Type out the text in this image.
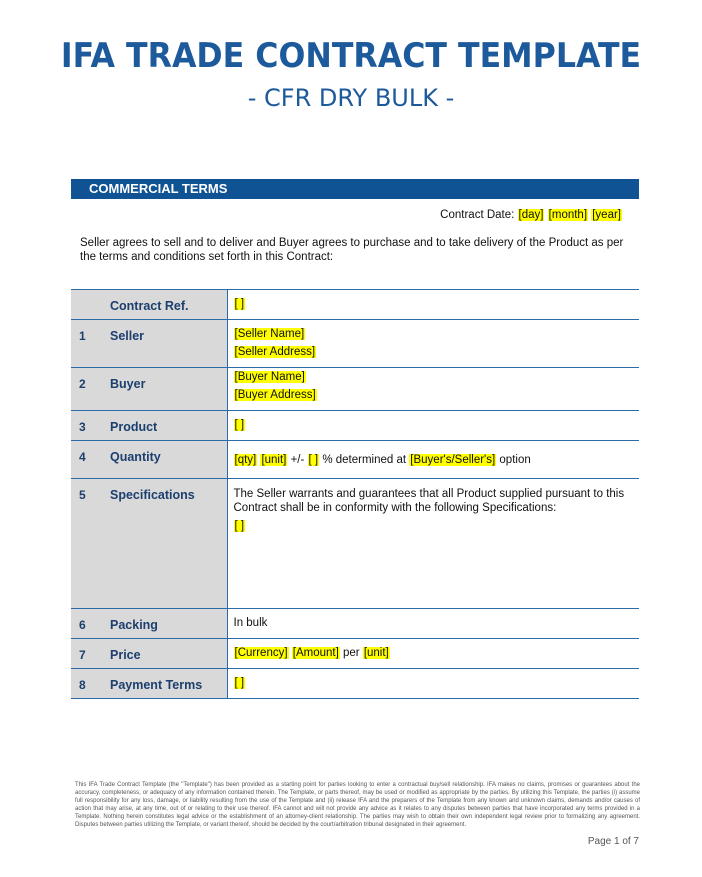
IFA TRADE CONTRACT TEMPLATE
- CFR DRY BULK -
COMMERCIAL TERMS
Contract Date: [day] [month] [year]
Seller agrees to sell and to deliver and Buyer agrees to purchase and to take delivery of the Product as per the terms and conditions set forth in this Contract:
	Contract Ref.	[ ]
1	Seller	[Seller Name]
[Seller Address]

2	Buyer	[Buyer Name]
[Buyer Address]

3	Product	[ ]
4	Quantity	[qty] [unit] +/- [ ] % determined at [Buyer's/Seller's] option
5	Specifications	The Seller warrants and guarantees that all Product supplied pursuant to this Contract shall be in conformity with the following Specifications:
[ ]
6	Packing	In bulk
7	Price	[Currency] [Amount] per [unit]
8	Payment Terms	[ ]
This IFA Trade Contract Template (the "Template") has been provided as a starting point for parties looking to enter a contractual buy/sell relationship. IFA makes no claims, promises or guarantees about the accuracy, completeness, or adequacy of any information contained therein. The Template, or parts thereof, may be used or modified as appropriate by the parties. By utilizing this Template, the parties (i) assume full responsibility for any loss, damage, or liability resulting from the use of the Template and (ii) release IFA and the preparers of the Template from any known and unknown claims, demands and/or causes of action that may arise, at any time, out of or relating to their use thereof. IFA cannot and will not provide any advice as it relates to any disputes between parties that have incorporated any terms provided in a Template. Nothing herein constitutes legal advice or the establishment of an attorney-client relationship. The parties may wish to obtain their own independent legal review prior to formalizing any agreement. Disputes between parties utilizing the Template, or variant thereof, should be decided by the court/arbitration tribunal designated in their agreement.
Page 1 of 7
